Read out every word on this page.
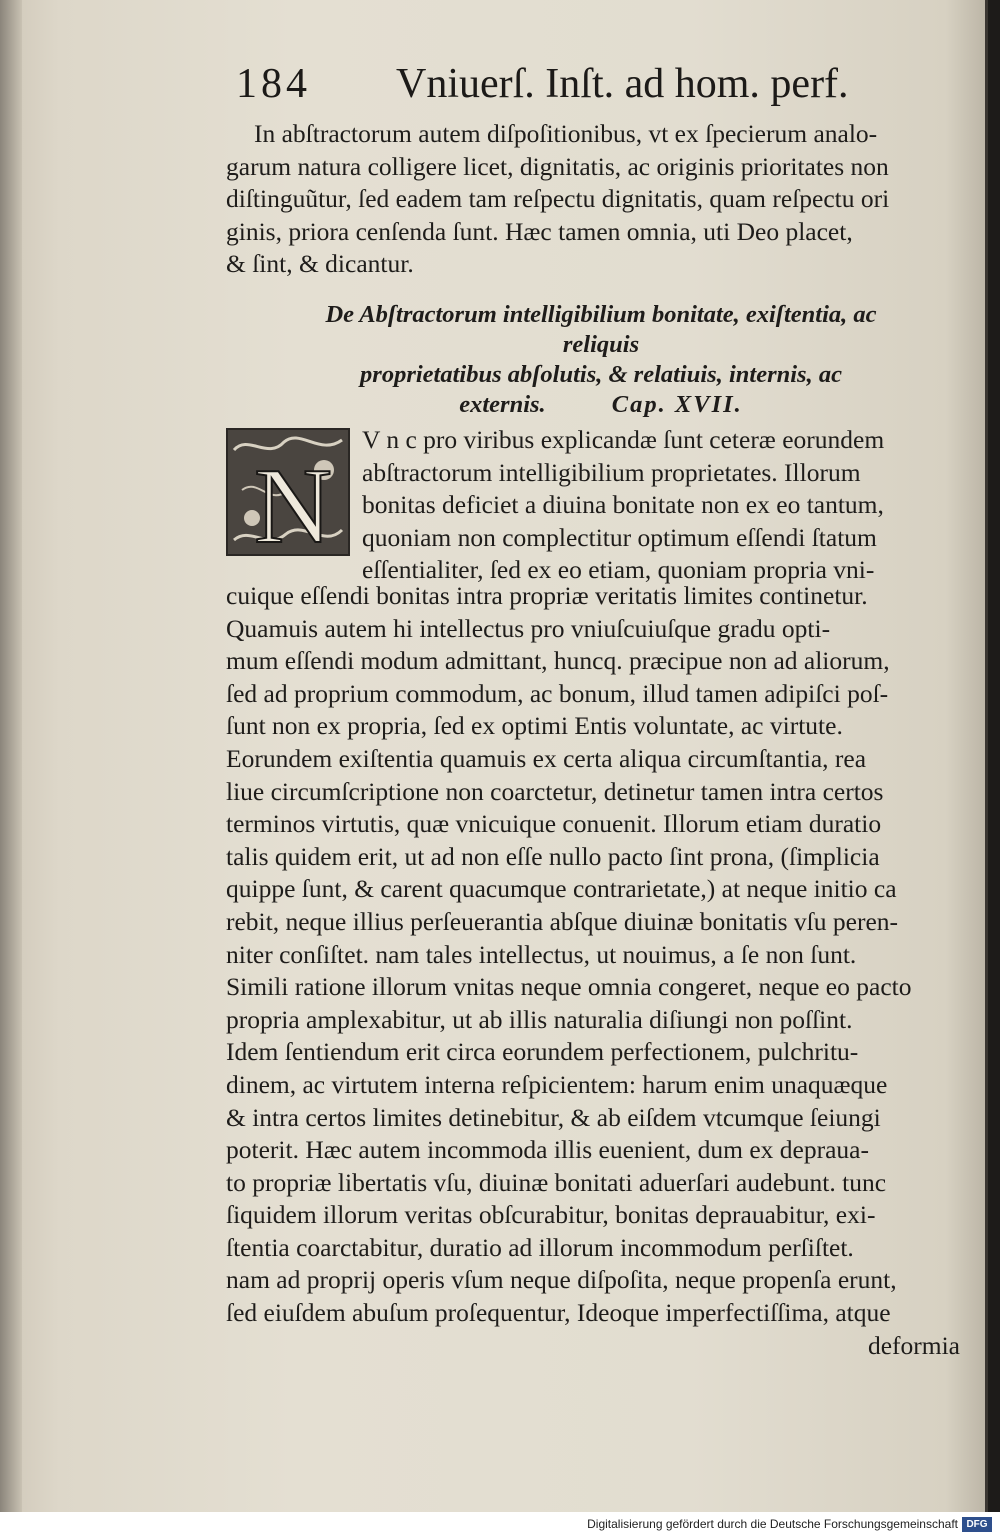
184 Vniuerſ. Inſt. ad hom. perf.
In abſtractorum autem diſpoſitionibus, vt ex ſpecierum analo-
garum natura colligere licet, dignitatis, ac originis prioritates non
diſtinguũtur, ſed eadem tam reſpectu dignitatis, quam reſpectu ori
ginis, priora cenſenda ſunt. Hæc tamen omnia, uti Deo placet,
& ſint, & dicantur.
De Abſtractorum intelligibilium bonitate, exiſtentia, ac reliquis
proprietatibus abſolutis, & relatiuis, internis, ac
externis.	Cap. XVII.
N
V n c pro viribus explicandæ ſunt ceteræ eorundem
abſtractorum intelligibilium proprietates. Illorum
bonitas deficiet a diuina bonitate non ex eo tantum,
quoniam non complectitur optimum eſſendi ſtatum
eſſentialiter, ſed ex eo etiam, quoniam propria vni-
cuique eſſendi bonitas intra propriæ veritatis limites continetur.
Quamuis autem hi intellectus pro vniuſcuiuſque gradu opti-
mum eſſendi modum admittant, huncq. præcipue non ad aliorum,
ſed ad proprium commodum, ac bonum, illud tamen adipiſci poſ-
ſunt non ex propria, ſed ex optimi Entis voluntate, ac virtute.
Eorundem exiſtentia quamuis ex certa aliqua circumſtantia, rea
liue circumſcriptione non coarctetur, detinetur tamen intra certos
terminos virtutis, quæ vnicuique conuenit. Illorum etiam duratio
talis quidem erit, ut ad non eſſe nullo pacto ſint prona, (ſimplicia
quippe ſunt, & carent quacumque contrarietate,) at neque initio ca
rebit, neque illius perſeuerantia abſque diuinæ bonitatis vſu peren-
niter conſiſtet. nam tales intellectus, ut nouimus, a ſe non ſunt.
Simili ratione illorum vnitas neque omnia congeret, neque eo pacto
propria amplexabitur, ut ab illis naturalia diſiungi non poſſint.
Idem ſentiendum erit circa eorundem perfectionem, pulchritu-
dinem, ac virtutem interna reſpicientem: harum enim unaquæque
& intra certos limites detinebitur, & ab eiſdem vtcumque ſeiungi
poterit. Hæc autem incommoda illis euenient, dum ex deprauа-
to propriæ libertatis vſu, diuinæ bonitati aduerſari audebunt. tunc
ſiquidem illorum veritas obſcurabitur, bonitas deprauabitur, exi-
ſtentia coarctabitur, duratio ad illorum incommodum perſiſtet.
nam ad proprij operis vſum neque diſpoſita, neque propenſa erunt,
ſed eiuſdem abuſum proſequentur, Ideoque imperfectiſſima, atque
deformia
Digitalisierung gefördert durch die Deutsche Forschungsgemeinschaft DFG
